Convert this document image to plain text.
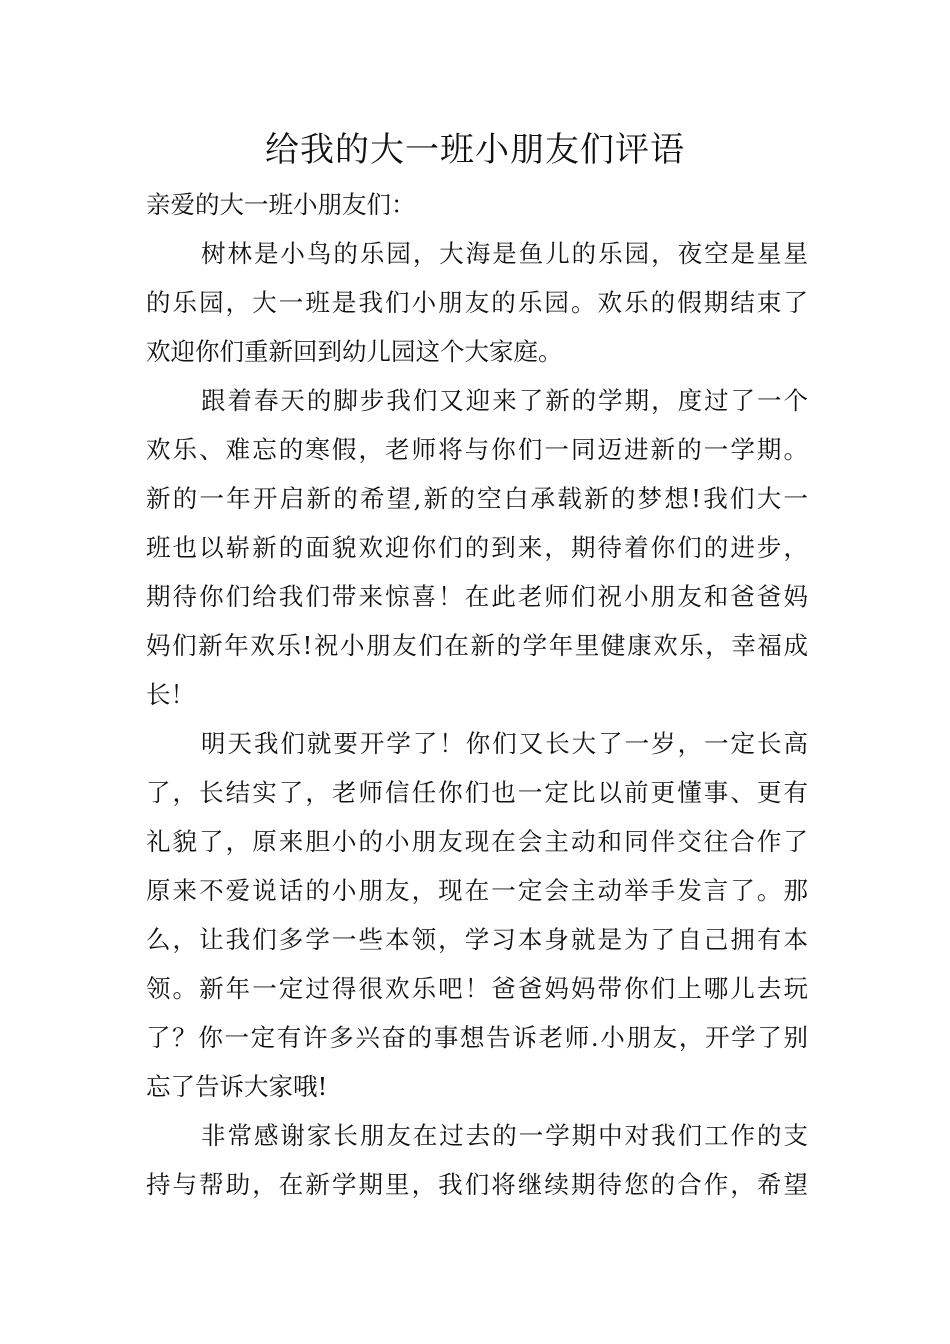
给我的大一班小朋友们评语
亲爱的大一班小朋友们：
树林是小鸟的乐园，大海是鱼儿的乐园，夜空是星星
的乐园，大一班是我们小朋友的乐园。欢乐的假期结束了
欢迎你们重新回到幼儿园这个大家庭。
跟着春天的脚步我们又迎来了新的学期，度过了一个
欢乐、难忘的寒假，老师将与你们一同迈进新的一学期。
新的一年开启新的希望,新的空白承载新的梦想!我们大一
班也以崭新的面貌欢迎你们的到来，期待着你们的进步，
期待你们给我们带来惊喜！在此老师们祝小朋友和爸爸妈
妈们新年欢乐!祝小朋友们在新的学年里健康欢乐，幸福成
长！
明天我们就要开学了！你们又长大了一岁，一定长高
了，长结实了，老师信任你们也一定比以前更懂事、更有
礼貌了，原来胆小的小朋友现在会主动和同伴交往合作了
原来不爱说话的小朋友，现在一定会主动举手发言了。那
么，让我们多学一些本领，学习本身就是为了自己拥有本
领。新年一定过得很欢乐吧！爸爸妈妈带你们上哪儿去玩
了？你一定有许多兴奋的事想告诉老师.小朋友，开学了别
忘了告诉大家哦!
非常感谢家长朋友在过去的一学期中对我们工作的支
持与帮助，在新学期里，我们将继续期待您的合作，希望
